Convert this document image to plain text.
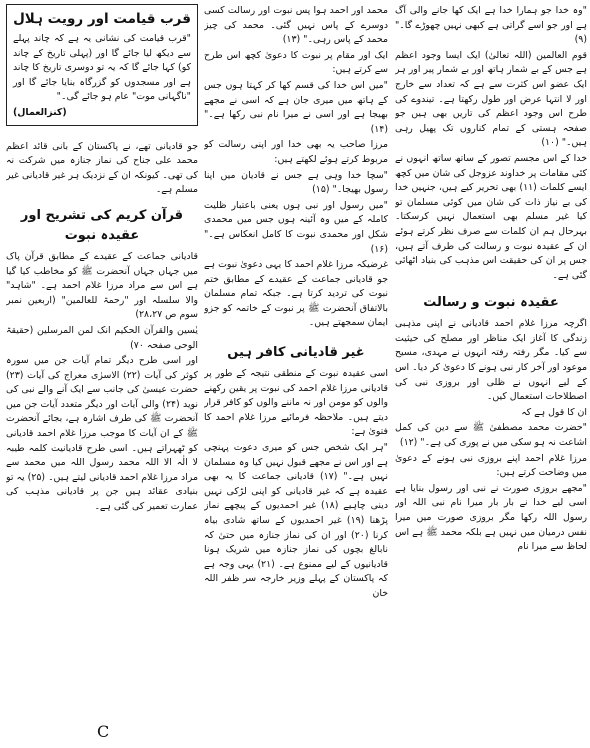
"وہ خدا جو ہمارا خدا ہے ایک کھا جانے والی آگ ہے اور جو اسے گراتی ہے کبھی نہیں چھوڑے گا۔" (۹)

قوم العالمین (اللہ تعالیٰ) ایک ایسا وجود اعظم ہے جس کے بے شمار ہاتھ اور بے شمار پیر اور ہر ایک عضو اس کثرت سے ہے کہ تعداد سے خارج اور لا انتہا عرض اور طول رکھتا ہے۔ تیندوے کی طرح اس وجود اعظم کی تاریں بھی ہیں جو صفحہ ہستی کے تمام کناروں تک پھیل رہی ہیں۔" (۱۰)

خدا کے اس مجسم تصور کے ساتھ ساتھ انہوں نے کئی مقامات پر خداوند عزوجل کی شان میں کچھ ایسے کلمات (۱۱) بھی تحریر کیے ہیں، جنہیں خدا کی بے نیاز ذات کی شان میں کوئی مسلمان تو کیا غیر مسلم بھی استعمال نہیں کرسکتا۔ بہرحال ہم ان کلمات سے صرف نظر کرتے ہوئے ان کے عقیدہ نبوت و رسالت کی طرف آتے ہیں، جس پر ان کی حقیقت اس مذہب کی بنیاد اٹھائی گئی ہے۔

عقیدہ نبوت و رسالت

اگرچہ مرزا غلام احمد قادیانی نے اپنی مذہبی زندگی کا آغاز ایک مناظر اور مصلح کی حیثیت سے کیا۔ مگر رفتہ رفتہ انہوں نے مہدی، مسیح موعود اور آخر کار نبی ہونے کا دعویٰ کر دیا۔ اس کے لیے انہوں نے ظلی اور بروزی نبی کی اصطلاحات استعمال کیں۔

ان کا قول ہے کہ

"حضرت محمد مصطفیٰ ﷺ سے دین کی کمل اشاعت نہ ہو سکی میں نے پوری کی ہے۔" (۱۲)

مرزا غلام احمد اپنے بروزی نبی ہونے کے دعویٰ میں وضاحت کرتے ہیں:

"مجھے بروزی صورت نے نبی اور رسول بنایا ہے اسی لیے خدا نے بار بار میرا نام نبی اللہ اور رسول اللہ رکھا مگر بروزی صورت میں میرا نفس درمیان میں نہیں ہے بلکہ محمد ﷺ ہے اس لحاظ سے میرا نام

محمد اور احمد ہوا پس نبوت اور رسالت کسی دوسرے کے پاس نہیں گئی۔ محمد کی چیز محمد کے پاس رہی۔" (۱۳)

ایک اور مقام پر نبوت کا دعویٰ کچھ اس طرح سے کرتے ہیں:

"میں اس خدا کی قسم کھا کر کہتا ہوں جس کے ہاتھ میں میری جان ہے کہ اسی نے مجھے بھیجا ہے اور اسی نے میرا نام نبی رکھا ہے۔" (۱۴)

مرزا صاحب یہ بھی خدا اور اپنی رسالت کو مربوط کرتے ہوئے لکھتے ہیں:

"سچا خدا وہی ہے جس نے قادیان میں اپنا رسول بھیجا۔" (۱۵)

"میں رسول اور نبی ہوں یعنی باعتبار ظلیت کاملہ کے میں وہ آئینہ ہوں جس میں محمدی شکل اور محمدی نبوت کا کامل انعکاس ہے۔" (۱۶)

غرضیکہ مرزا غلام احمد کا یہی دعویٰ نبوت ہے جو قادیانی جماعت کے عقیدے کے مطابق ختم نبوت کی تردید کرتا ہے۔ جبکہ تمام مسلمان بالاتفاق آنحضرت ﷺ پر نبوت کے خاتمہ کو جزو ایمان سمجھتے ہیں۔

غیر قادیانی کافر ہیں

اسی عقیدہ نبوت کے منطقی نتیجہ کے طور پر قادیانی مرزا غلام احمد کی نبوت پر یقین رکھنے والوں کو مومن اور نہ ماننے والوں کو کافر قرار دیتے ہیں۔ ملاحظہ فرمائیے مرزا غلام احمد کا فتویٰ ہے:

"ہر ایک شخص جس کو میری دعوت پہنچی ہے اور اس نے مجھے قبول نہیں کیا وہ مسلمان نہیں ہے۔" (۱۷) قادیانی جماعت کا یہ بھی عقیدہ ہے کہ غیر قادیانی کو اپنی لڑکی نہیں دینی چاہیے (۱۸) غیر احمدیوں کے پیچھے نماز پڑھنا (۱۹) غیر احمدیوں کے ساتھ شادی بیاہ کرنا (۲۰) اور ان کی نماز جنازہ میں حتیٰ کہ نابالغ بچوں کی نماز جنازہ میں شریک ہونا قادیانیوں کے لیے ممنوع ہے۔ (۲۱) یہی وجہ ہے کہ پاکستان کے پہلے وزیر خارجہ سر ظفر اللہ خان

قرب قیامت اور رویت ہلال

"قرب قیامت کی نشانی یہ ہے کہ چاند پہلے سے دیکھ لیا جائے گا اور (پہلی تاریخ کے چاند کو) کہا جائے گا کہ یہ تو دوسری تاریخ کا چاند ہے اور مسجدوں کو گزرگاہ بنایا جائے گا اور "ناگہانی موت" عام ہو جائے گی۔"

(کنزالعمال)

جو قادیانی تھے، نے پاکستان کے بانی قائد اعظم محمد علی جناح کی نماز جنازہ میں شرکت نہ کی تھی۔ کیونکہ ان کے نزدیک ہر غیر قادیانی غیر مسلم ہے۔

قرآن کریم کی تشریح اور عقیدہ نبوت

قادیانی جماعت کے عقیدے کے مطابق قرآن پاک میں جہاں جہاں آنحضرت ﷺ کو مخاطب کیا گیا ہے اس سے مراد مرزا غلام احمد ہے۔ "شاہد" والا سلسلہ اور "رحمۃ للعالمین" (اربعین نمبر سوم ص ۲۸،۲۷)

یٰسین والقرآن الحکیم انک لمن المرسلین (حقیقۃ الوحی صفحہ ۷۰)

اور اسی طرح دیگر تمام آیات جن میں سورہ کوثر کی آیات (۲۲) الاسرٰی معراج کی آیات (۲۳) حضرت عیسیٰ کی جانب سے ایک آنے والے نبی کی نوید (۲۴) والی آیات اور دیگر متعدد آیات جن میں آنحضرت ﷺ کی طرف اشارہ ہے، بجائے آنحضرت ﷺ کے ان آیات کا موجب مرزا غلام احمد قادیانی کو ٹھہراتے ہیں۔ اسی طرح قادیانیت کلمہ طیبہ لا الٰہ الا اللہ محمد رسول اللہ میں محمد سے مراد مرزا غلام احمد قادیانی لیتے ہیں۔ (۲۵) یہ تو بنیادی عقائد ہیں جن پر قادیانی مذہب کی عمارت تعمیر کی گئی ہے۔

C
